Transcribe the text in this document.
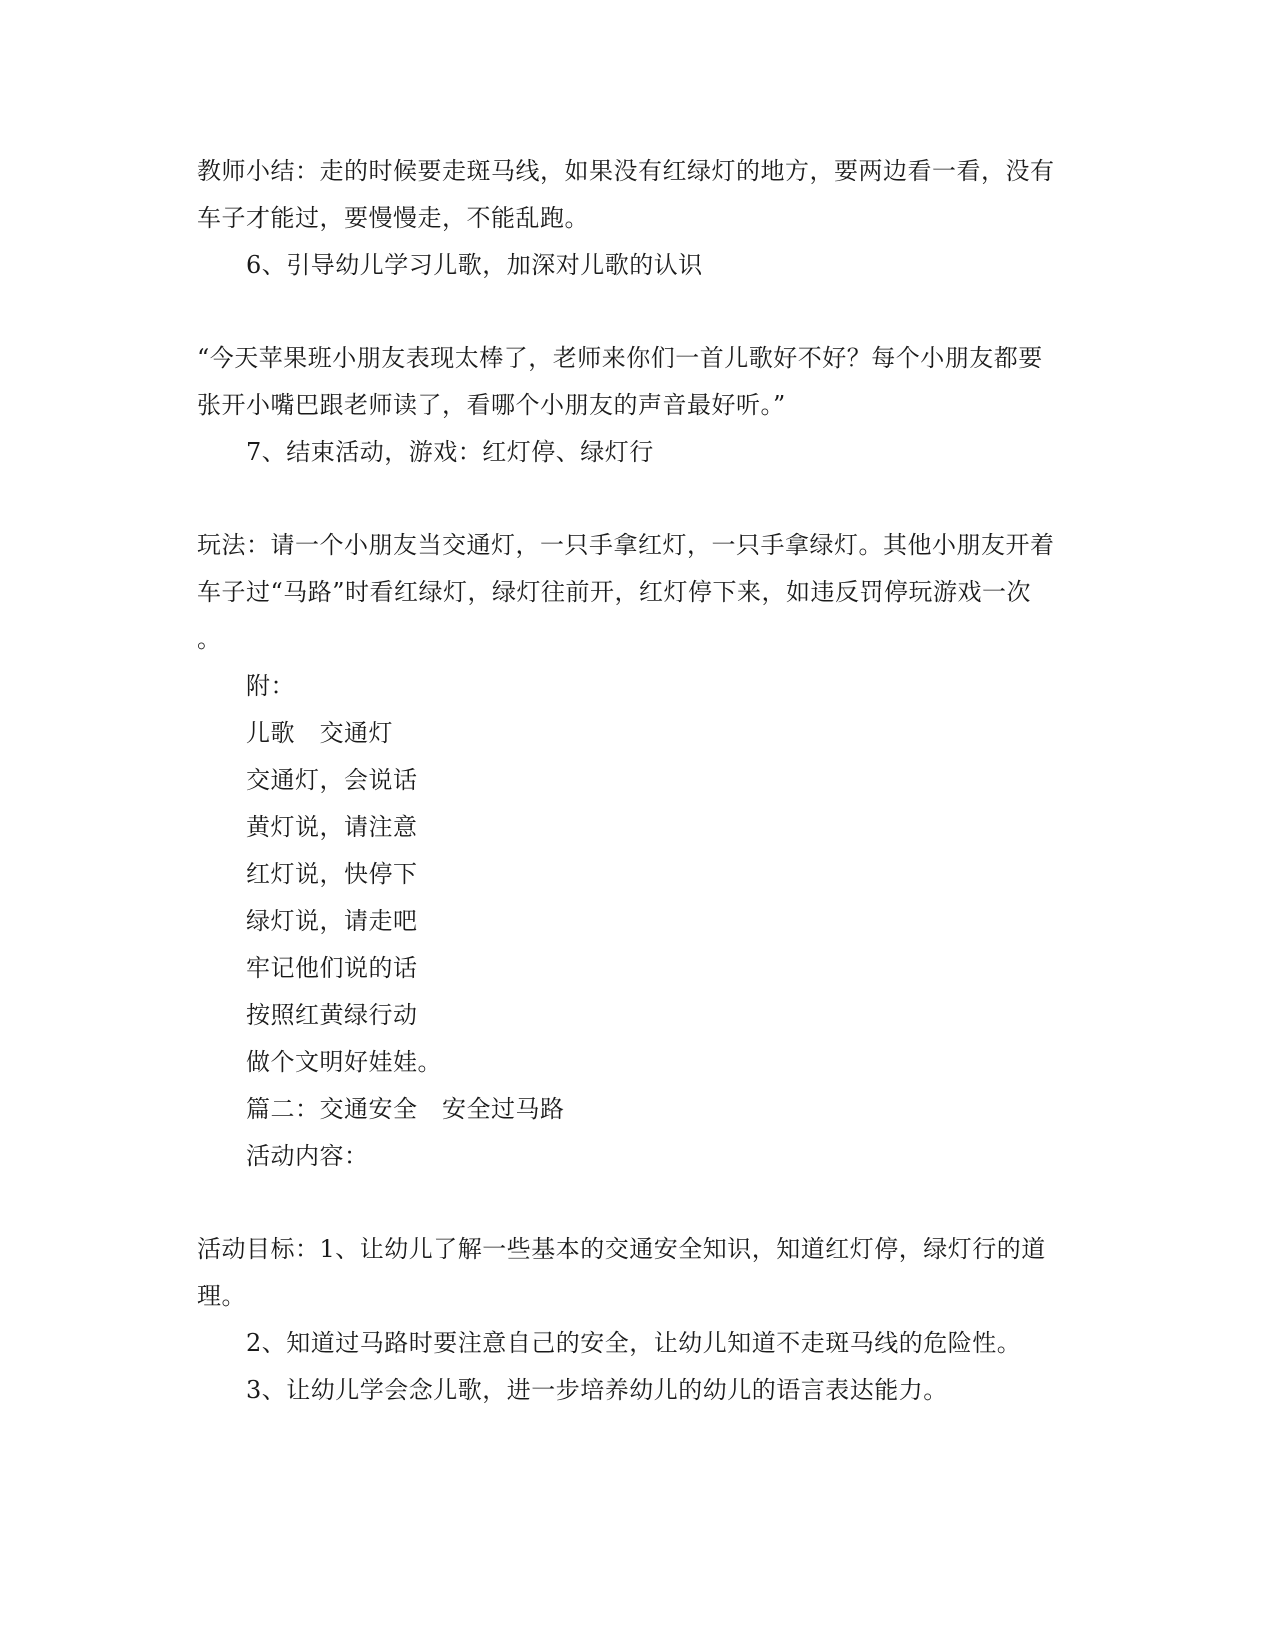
教师小结：走的时候要走斑马线，如果没有红绿灯的地方，要两边看一看，没有
车子才能过，要慢慢走，不能乱跑。
6、引导幼儿学习儿歌，加深对儿歌的认识
“今天苹果班小朋友表现太棒了，老师来你们一首儿歌好不好？每个小朋友都要
张开小嘴巴跟老师读了，看哪个小朋友的声音最好听。”
7、结束活动，游戏：红灯停、绿灯行
玩法：请一个小朋友当交通灯，一只手拿红灯，一只手拿绿灯。其他小朋友开着
车子过“马路”时看红绿灯，绿灯往前开，红灯停下来，如违反罚停玩游戏一次
。
附：
儿歌　交通灯
交通灯，会说话
黄灯说，请注意
红灯说，快停下
绿灯说，请走吧
牢记他们说的话
按照红黄绿行动
做个文明好娃娃。
篇二：交通安全　安全过马路
活动内容：
活动目标：1、让幼儿了解一些基本的交通安全知识，知道红灯停，绿灯行的道
理。
2、知道过马路时要注意自己的安全，让幼儿知道不走斑马线的危险性。
3、让幼儿学会念儿歌，进一步培养幼儿的幼儿的语言表达能力。
